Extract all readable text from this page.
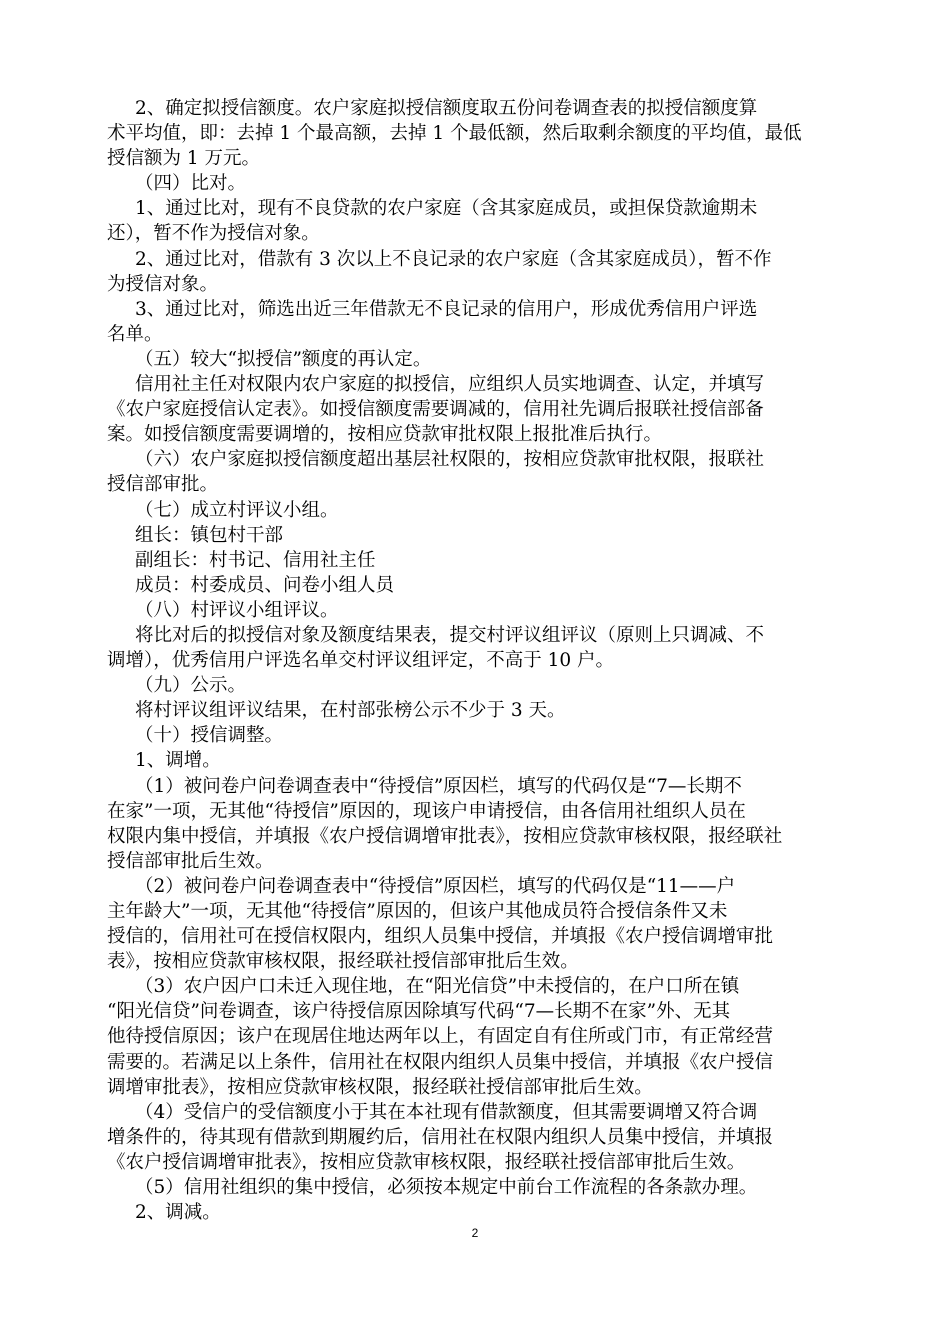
2、确定拟授信额度。农户家庭拟授信额度取五份问卷调查表的拟授信额度算
术平均值，即：去掉 1 个最高额，去掉 1 个最低额，然后取剩余额度的平均值，最低
授信额为 1 万元。
（四）比对。
1、通过比对，现有不良贷款的农户家庭（含其家庭成员，或担保贷款逾期未
还），暂不作为授信对象。
2、通过比对，借款有 3 次以上不良记录的农户家庭（含其家庭成员），暂不作
为授信对象。
3、通过比对，筛选出近三年借款无不良记录的信用户，形成优秀信用户评选
名单。
（五）较大“拟授信”额度的再认定。
信用社主任对权限内农户家庭的拟授信，应组织人员实地调查、认定，并填写
《农户家庭授信认定表》。如授信额度需要调减的，信用社先调后报联社授信部备
案。如授信额度需要调增的，按相应贷款审批权限上报批准后执行。
（六）农户家庭拟授信额度超出基层社权限的，按相应贷款审批权限，报联社
授信部审批。
（七）成立村评议小组。
组长：镇包村干部
副组长：村书记、信用社主任
成员：村委成员、问卷小组人员
（八）村评议小组评议。
将比对后的拟授信对象及额度结果表，提交村评议组评议（原则上只调减、不
调增），优秀信用户评选名单交村评议组评定，不高于 10 户。
（九）公示。
将村评议组评议结果，在村部张榜公示不少于 3 天。
（十）授信调整。
1、调增。
（1）被问卷户问卷调查表中“待授信”原因栏，填写的代码仅是“7—长期不
在家”一项，无其他“待授信”原因的，现该户申请授信，由各信用社组织人员在
权限内集中授信，并填报《农户授信调增审批表》，按相应贷款审核权限，报经联社
授信部审批后生效。
（2）被问卷户问卷调查表中“待授信”原因栏，填写的代码仅是“11——户
主年龄大”一项，无其他“待授信”原因的，但该户其他成员符合授信条件又未
授信的，信用社可在授信权限内，组织人员集中授信，并填报《农户授信调增审批
表》，按相应贷款审核权限，报经联社授信部审批后生效。
（3）农户因户口未迁入现住地，在“阳光信贷”中未授信的，在户口所在镇
“阳光信贷”问卷调查，该户待授信原因除填写代码“7—长期不在家”外、无其
他待授信原因；该户在现居住地达两年以上，有固定自有住所或门市，有正常经营
需要的。若满足以上条件，信用社在权限内组织人员集中授信，并填报《农户授信
调增审批表》，按相应贷款审核权限，报经联社授信部审批后生效。
（4）受信户的受信额度小于其在本社现有借款额度，但其需要调增又符合调
增条件的，待其现有借款到期履约后，信用社在权限内组织人员集中授信，并填报
《农户授信调增审批表》，按相应贷款审核权限，报经联社授信部审批后生效。
（5）信用社组织的集中授信，必须按本规定中前台工作流程的各条款办理。
2、调减。
2
